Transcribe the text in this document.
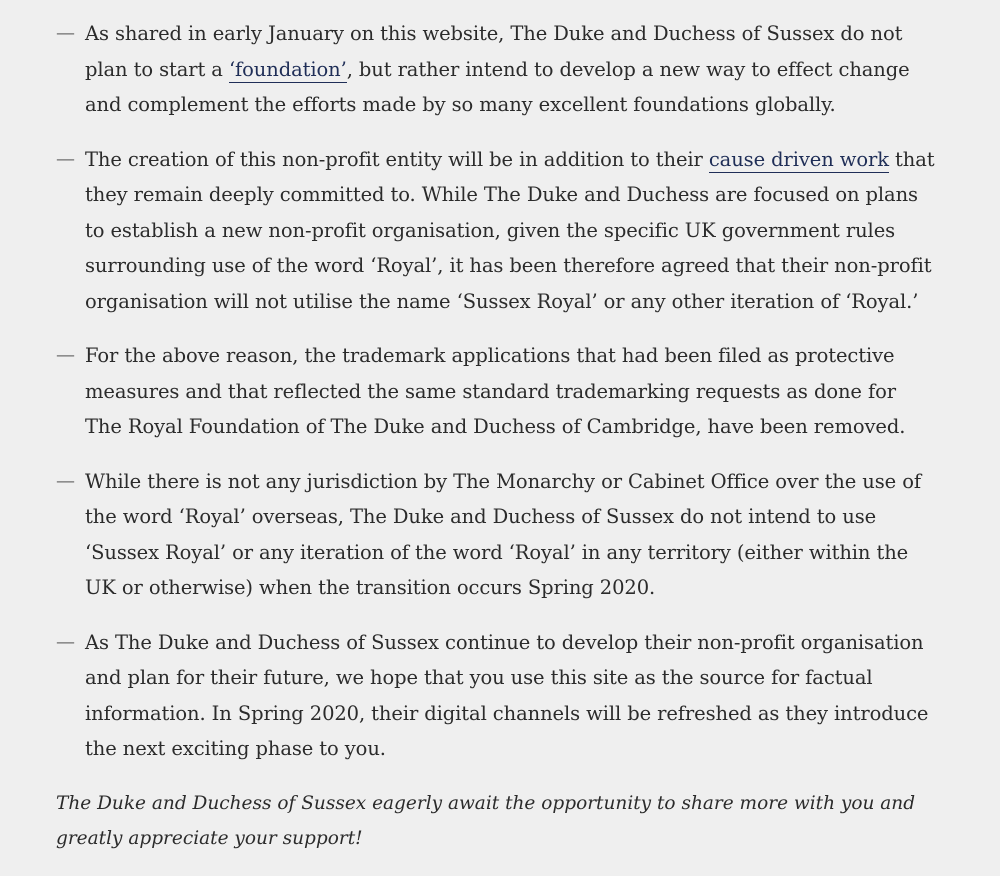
— As shared in early January on this website, The Duke and Duchess of Sussex do not plan to start a ‘foundation’, but rather intend to develop a new way to effect change and complement the efforts made by so many excellent foundations globally.
— The creation of this non-profit entity will be in addition to their cause driven work that they remain deeply committed to. While The Duke and Duchess are focused on plans to establish a new non-profit organisation, given the specific UK government rules surrounding use of the word ‘Royal’, it has been therefore agreed that their non-profit organisation will not utilise the name ‘Sussex Royal’ or any other iteration of ‘Royal.’
— For the above reason, the trademark applications that had been filed as protective measures and that reflected the same standard trademarking requests as done for The Royal Foundation of The Duke and Duchess of Cambridge, have been removed.
— While there is not any jurisdiction by The Monarchy or Cabinet Office over the use of the word ‘Royal’ overseas, The Duke and Duchess of Sussex do not intend to use ‘Sussex Royal’ or any iteration of the word ‘Royal’ in any territory (either within the UK or otherwise) when the transition occurs Spring 2020.
— As The Duke and Duchess of Sussex continue to develop their non-profit organisation and plan for their future, we hope that you use this site as the source for factual information. In Spring 2020, their digital channels will be refreshed as they introduce the next exciting phase to you.
The Duke and Duchess of Sussex eagerly await the opportunity to share more with you and greatly appreciate your support!
